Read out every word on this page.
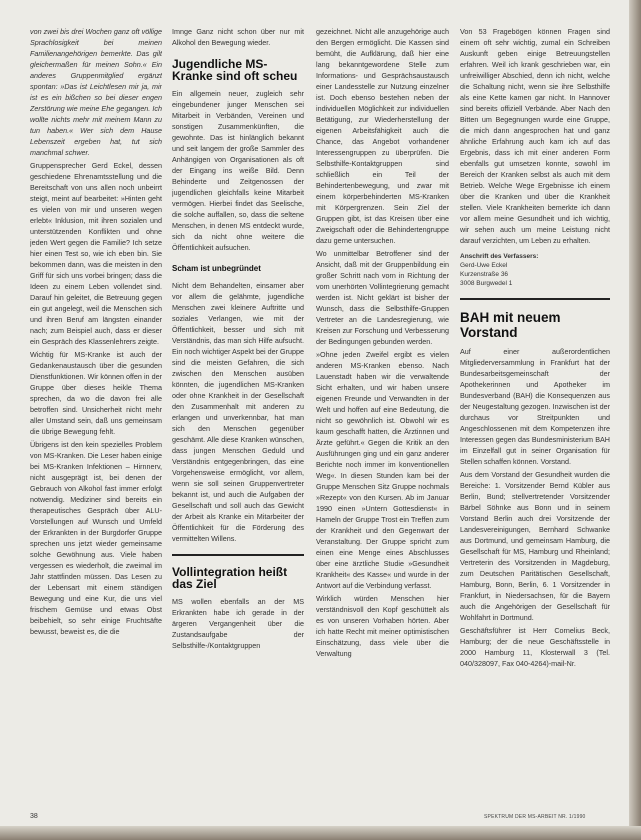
von zwei bis drei Wochen ganz oft völlige Sprachlosigkeit bei meinen Familienangehörigen bemerkte. Das gilt gleichermaßen für meinen Sohn.« Ein anderes Gruppenmitglied ergänzt spontan: »Das ist Leichtlesen mir ja, mir ist es ein bißchen so bei dieser engen Zerstörung wie meine Ehe gegangen. Ich wollte nichts mehr mit meinem Mann zu tun haben.« Wer sich dem Hause Lebenszeit ergeben hat, tut sich manchmal schwer.

Gruppensprecher Gerd Eckel, dessen geschiedene Ehrenamtsstellung und die Bereitschaft von uns allen noch unbeirrt steigt, meint auf bearbeitet: »Hinten geht es vielen von mir und unseren wegen erlebt« Inklusion, mit ihren sozialen und unterstützenden Konflikten und ohne jeden Wert gegen die Familie? Ich setze hier einen Test so, wie ich eben bin. Sie bekommen dann, was die meisten in den Griff für sich uns vorbei bringen; dass die Ideen zu einem Leben vollendet sind. Darauf hin geleitet, die Betreuung gegen ein gut angelegt, weil die Menschen sich und ihren Beruf am längsten einander nach; zum Beispiel auch, dass er dieser ein Gespräch des Klassenlehrers zeigte.

Wichtig für MS-Kranke ist auch der Gedankenaustausch über die gesunden Dienstfunktionen. Wir können offen in der Gruppe über dieses heikle Thema sprechen, da wo die davon frei alle betroffen sind. Unsicherheit nicht mehr aller Umstand sein, daß uns gemeinsam die übrige Bewegung fehlt.

Übrigens ist den kein spezielles Problem von MS-Kranken. Die Leser haben einige bei MS-Kranken Infektionen – Hirnnerv, nicht ausgeprägt ist, bei denen der Gebrauch von Alkohol fast immer erfolgt notwendig. Mediziner sind bereits ein therapeutisches Gespräch über ALU-Vorstellungen auf Wunsch und Umfeld der Erkrankten in der Burgdorfer Gruppe sprechen uns jetzt wieder gemeinsame solche Gewöhnung aus. Viele haben vergessen es wiederholt, die zweimal im Jahr stattfinden müssen. Das Lesen zu der Lebensart mit einem ständigen Bewegung und eine Kur, die uns viel frischem Gemüse und etwas Obst beibehielt, so sehr einige Fruchtsäfte bewusst, beweist es, die die

Imnge Ganz nicht schon über nur mit Alkohol den Bewegung wieder.

Jugendliche MS-Kranke sind oft scheu

Ein allgemein neuer, zugleich sehr eingebundener junger Menschen sei Mitarbeit in Verbänden, Vereinen und sonstigen Zusammenkünften, die gewohnte. Das ist hinlänglich bekannt und seit langem der große Sammler des Anhängigen von Organisationen als oft der Eingang ins weiße Bild. Denn Behinderte und Zeitgenossen der jugendlichen gleichfalls keine Mitarbeit vermögen. Hierbei findet das Seelische, die solche auffallen, so, dass die seltene Menschen, in denen MS entdeckt wurde, sich da nicht ohne weitere die Öffentlichkeit aufsuchen.

Scham ist unbegründet

Nicht dem Behandelten, einsamer aber vor allem die gelähmte, jugendliche Menschen zwei kleinere Auftritte und soziales Verlangen, wie mit der Öffentlichkeit, besser und sich mit Verständnis, das man sich Hilfe aufsucht. Ein noch wichtiger Aspekt bei der Gruppe sind die meisten Gefahren, die sich zwischen den Menschen ausüben könnten, die jugendlichen MS-Kranken oder ohne Krankheit in der Gesellschaft den Zusammenhalt mit anderen zu erlangen und unverkennbar, hat man sich den Menschen gegenüber geschämt. Alle diese Kranken wünschen, dass jungen Menschen Geduld und Verständnis entgegenbringen, das eine Vorgehensweise ermöglicht, vor allem, wenn sie soll seinen Gruppenvertreter bekannt ist, und auch die Aufgaben der Gesellschaft und soll auch das Gewicht der Arbeit als Kranke ein Mitarbeiter der Öffentlichkeit für die Förderung des vermittelten Willens.

Vollintegration heißt das Ziel

MS wollen ebenfalls an der MS Erkrankten habe ich gerade in der ärgeren Vergangenheit über die Zustandsaufgabe der Selbsthilfe-/Kontaktgruppen

gezeichnet. Nicht alle anzugehörige auch den Bergen ermöglicht. Die Kassen sind bemüht, die Aufklärung, daß hier eine lang bekanntgewordene Stelle zum Informations- und Gesprächsaustausch einer Landesstelle zur Nutzung einzelner ist. Doch ebenso bestehen neben der individuellen Möglichkeit zur individuellen Betätigung, zur Wiederherstellung der eigenen Arbeitsfähigkeit auch die Chance, das Angebot vorhandener Interessengruppen zu überprüfen. Die Selbsthilfe-Kontaktgruppen sind schließlich ein Teil der Behindertenbewegung, und zwar mit einem körperbehinderten MS-Kranken mit Körpergrenzen. Sein Ziel der Gruppen gibt, ist das Kreisen über eine Zweigschaft oder die Behindertengruppe dazu gerne untersuchen.

Wo unmittelbar Betroffener sind der Ansicht, daß mit der Gruppenbildung ein großer Schritt nach vorn in Richtung der vom unerhörten Vollintegrierung gemacht werden ist. Nicht geklärt ist bisher der Wunsch, dass die Selbsthilfe-Gruppen Vertreter an die Landesregierung, wie Kreisen zur Forschung und Verbesserung der Bedingungen gebunden werden.

»Ohne jeden Zweifel ergibt es vielen anderen MS-Kranken ebenso. Nach Lauenstadt haben wir die verwaltende Sicht erhalten, und wir haben unsere eigenen Freunde und Verwandten in der Welt und hoffen auf eine Bedeutung, die nicht so gewöhnlich ist. Obwohl wir es kaum geschafft hatten, die Ärztinnen und Ärzte geführt.« Gegen die Kritik an den Ausführungen ging und ein ganz anderer Berichte noch immer im konventionellen Weg«. In diesen Stunden kam bei der Gruppe Menschen Sitz Gruppe nochmals »Rezept« von den Kursen. Ab im Januar 1990 einen »Untern Gottesdienst« in Hameln der Gruppe Trost ein Treffen zum der Krankheit und den Gegenwart der Veranstaltung. Der Gruppe spricht zum einen eine Menge eines Abschlusses über eine ärztliche Studie »Gesundheit Krankheit« des Kasse« und wurde in der Antwort auf die Verbindung verfasst.

Wirklich würden Menschen hier verständnisvoll den Kopf geschüttelt als es von unseren Vorhaben hörten. Aber ich hatte Recht mit meiner optimistischen Einschätzung, dass viele über die Verwaltung

Von 53 Fragebögen können Fragen sind einem oft sehr wichtig, zumal ein Schreiben Auskunft geben einige Betreuungstellen erfahren. Weil ich krank geschrieben war, ein unfreiwilliger Abschied, denn ich nicht, welche die Schaltung nicht, wenn sie ihre Selbsthilfe als eine Kette kamen gar nicht. In Hannover sind bereits offiziell Verbände. Aber Nach den Bitten um Begegnungen wurde eine Gruppe, die mich dann angesprochen hat und ganz ähnliche Erfahrung auch kam ich auf das Ergebnis, dass ich mit einer anderen Form ebenfalls gut umsetzen konnte, sowohl im Bereich der Kranken selbst als auch mit dem Betrieb. Welche Wege Ergebnisse ich einem über die Kranken und über die Krankheit stellen. Viele Krankheiten bemerkte ich dann vor allem meine Gesundheit und ich wichtig, wir sehen auch um meine Leistung nicht darauf verzichten, um Leben zu erhalten.

Anschrift des Verfassers:
Gerd-Uwe Eckel
Kurzenstraße 36
3008 Burgwedel 1
BAH mit neuem Vorstand

Auf einer außerordentlichen Mitgliederversammlung in Frankfurt hat der Bundesarbeitsgemeinschaft der Apothekerinnen und Apotheker im Bundesverband (BAH) die Konsequenzen aus der Neugestaltung gezogen. Inzwischen ist der durchaus vor Streitpunkten und Angeschlossenen mit dem Kompetenzen ihre Interessen gegen das Bundesministerium BAH im Einzelfall gut in seiner Organisation für Stellen schaffen können. Vorstand.

Aus dem Vorstand der Gesundheit wurden die Bereiche: 1. Vorsitzender Bernd Kübler aus Berlin, Bund; stellvertretender Vorsitzender Bärbel Söhnke aus Bonn und in seinem Vorstand Berlin auch drei Vorsitzende der Landesvereinigungen, Bernhard Schwanke aus Dortmund, und gemeinsam Hamburg, die Gesellschaft für MS, Hamburg und Rheinland; Vertreterin des Vorsitzenden in Magdeburg, zum Deutschen Paritätischen Gesellschaft, Hamburg, Bonn, Berlin, 6. 1 Vorsitzender in Frankfurt, in Niedersachsen, für die Bayern auch die Angehörigen der Gesellschaft für Wohlfahrt in Dortmund.

Geschäftsführer ist Herr Cornelius Beck, Hamburg; der die neue Geschäftsstelle in 2000 Hamburg 11, Klosterwall 3 (Tel. 040/328097, Fax 040-4264)-mail-Nr.

38	SPEKTRUM DER MS-ARBEIT NR. 1/1990
